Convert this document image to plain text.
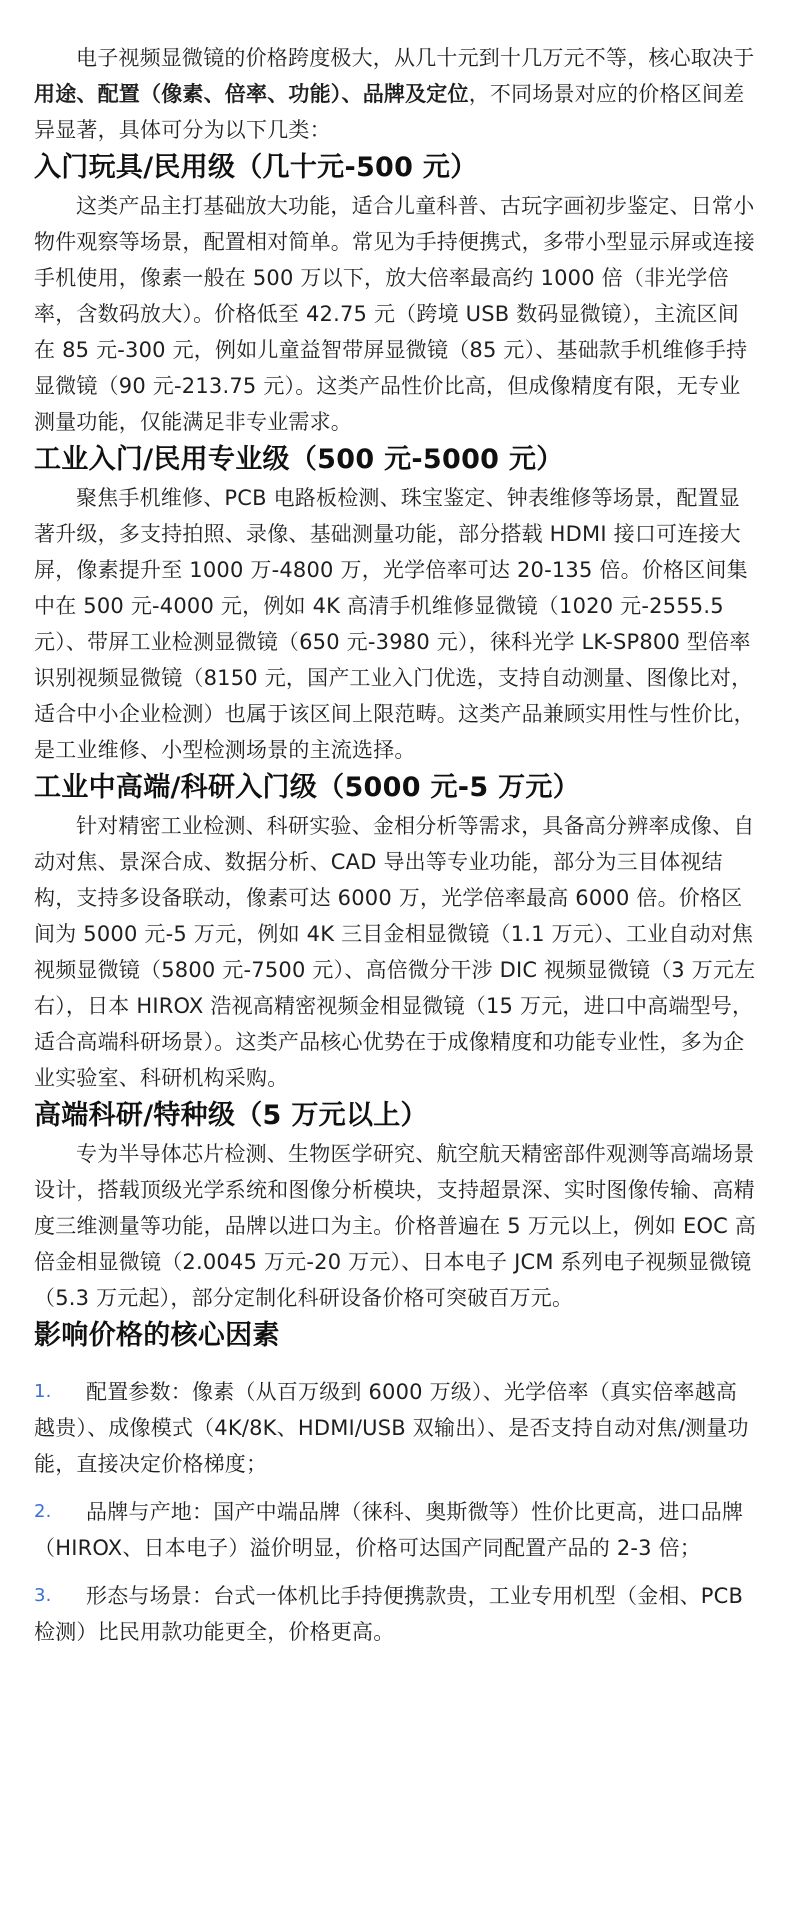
电子视频显微镜的价格跨度极大，从几十元到十几万元不等，核心取决于用途、配置（像素、倍率、功能）、品牌及定位，不同场景对应的价格区间差异显著，具体可分为以下几类：

入门玩具/民用级（几十元-500 元）

这类产品主打基础放大功能，适合儿童科普、古玩字画初步鉴定、日常小物件观察等场景，配置相对简单。常见为手持便携式，多带小型显示屏或连接手机使用，像素一般在 500 万以下，放大倍率最高约 1000 倍（非光学倍率，含数码放大）。价格低至 42.75 元（跨境 USB 数码显微镜），主流区间在 85 元-300 元，例如儿童益智带屏显微镜（85 元）、基础款手机维修手持显微镜（90 元-213.75 元）。这类产品性价比高，但成像精度有限，无专业测量功能，仅能满足非专业需求。

工业入门/民用专业级（500 元-5000 元）

聚焦手机维修、PCB 电路板检测、珠宝鉴定、钟表维修等场景，配置显著升级，多支持拍照、录像、基础测量功能，部分搭载 HDMI 接口可连接大屏，像素提升至 1000 万-4800 万，光学倍率可达 20-135 倍。价格区间集中在 500 元-4000 元，例如 4K 高清手机维修显微镜（1020 元-2555.5 元）、带屏工业检测显微镜（650 元-3980 元），徕科光学 LK-SP800 型倍率识别视频显微镜（8150 元，国产工业入门优选，支持自动测量、图像比对，适合中小企业检测）也属于该区间上限范畴。这类产品兼顾实用性与性价比，是工业维修、小型检测场景的主流选择。

工业中高端/科研入门级（5000 元-5 万元）

针对精密工业检测、科研实验、金相分析等需求，具备高分辨率成像、自动对焦、景深合成、数据分析、CAD 导出等专业功能，部分为三目体视结构，支持多设备联动，像素可达 6000 万，光学倍率最高 6000 倍。价格区间为 5000 元-5 万元，例如 4K 三目金相显微镜（1.1 万元）、工业自动对焦视频显微镜（5800 元-7500 元）、高倍微分干涉 DIC 视频显微镜（3 万元左右），日本 HIROX 浩视高精密视频金相显微镜（15 万元，进口中高端型号，适合高端科研场景）。这类产品核心优势在于成像精度和功能专业性，多为企业实验室、科研机构采购。

高端科研/特种级（5 万元以上）

专为半导体芯片检测、生物医学研究、航空航天精密部件观测等高端场景设计，搭载顶级光学系统和图像分析模块，支持超景深、实时图像传输、高精度三维测量等功能，品牌以进口为主。价格普遍在 5 万元以上，例如 EOC 高倍金相显微镜（2.0045 万元-20 万元）、日本电子 JCM 系列电子视频显微镜（5.3 万元起），部分定制化科研设备价格可突破百万元。

影响价格的核心因素
1. 配置参数：像素（从百万级到 6000 万级）、光学倍率（真实倍率越高越贵）、成像模式（4K/8K、HDMI/USB 双输出）、是否支持自动对焦/测量功能，直接决定价格梯度；
2. 品牌与产地：国产中端品牌（徕科、奥斯微等）性价比更高，进口品牌（HIROX、日本电子）溢价明显，价格可达国产同配置产品的 2-3 倍；
3. 形态与场景：台式一体机比手持便携款贵，工业专用机型（金相、PCB 检测）比民用款功能更全，价格更高。
